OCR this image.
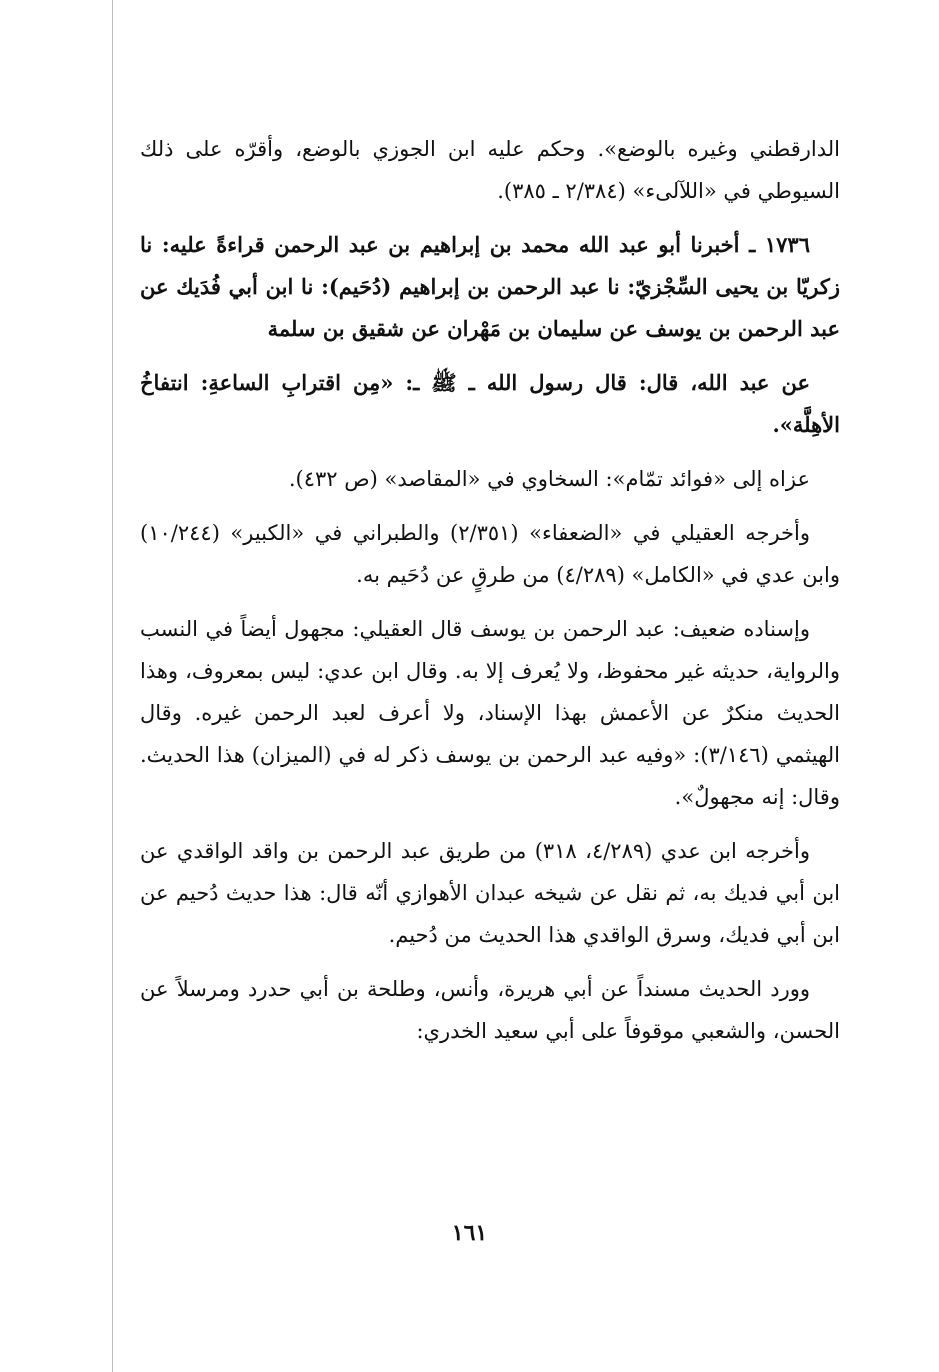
الدارقطني وغيره بالوضع». وحكم عليه ابن الجوزي بالوضع، وأقرّه على ذلك السيوطي في «اللآلىء» (٢/٣٨٤ ـ ٣٨٥).

١٧٣٦ ـ أخبرنا أبو عبد الله محمد بن إبراهيم بن عبد الرحمن قراءةً عليه: نا زكريّا بن يحيى السِّجْزيّ: نا عبد الرحمن بن إبراهيم (دُحَيم): نا ابن أبي فُدَيك عن عبد الرحمن بن يوسف عن سليمان بن مَهْران عن شقيق بن سلمة

عن عبد الله، قال: قال رسول الله ـ ﷺ ـ: «مِن اقترابِ الساعةِ: انتفاخُ الأهِلَّة».

عزاه إلى «فوائد تمّام»: السخاوي في «المقاصد» (ص ٤٣٢).

وأخرجه العقيلي في «الضعفاء» (٢/٣٥١) والطبراني في «الكبير» (١٠/٢٤٤) وابن عدي في «الكامل» (٤/٢٨٩) من طرقٍ عن دُحَيم به.

وإسناده ضعيف: عبد الرحمن بن يوسف قال العقيلي: مجهول أيضاً في النسب والرواية، حديثه غير محفوظ، ولا يُعرف إلا به. وقال ابن عدي: ليس بمعروف، وهذا الحديث منكرٌ عن الأعمش بهذا الإسناد، ولا أعرف لعبد الرحمن غيره. وقال الهيثمي (٣/١٤٦): «وفيه عبد الرحمن بن يوسف ذكر له في (الميزان) هذا الحديث. وقال: إنه مجهولٌ».

وأخرجه ابن عدي (٤/٢٨٩، ٣١٨) من طريق عبد الرحمن بن واقد الواقدي عن ابن أبي فديك به، ثم نقل عن شيخه عبدان الأهوازي أنّه قال: هذا حديث دُحيم عن ابن أبي فديك، وسرق الواقدي هذا الحديث من دُحيم.

وورد الحديث مسنداً عن أبي هريرة، وأنس، وطلحة بن أبي حدرد ومرسلاً عن الحسن، والشعبي موقوفاً على أبي سعيد الخدري:

١٦١
